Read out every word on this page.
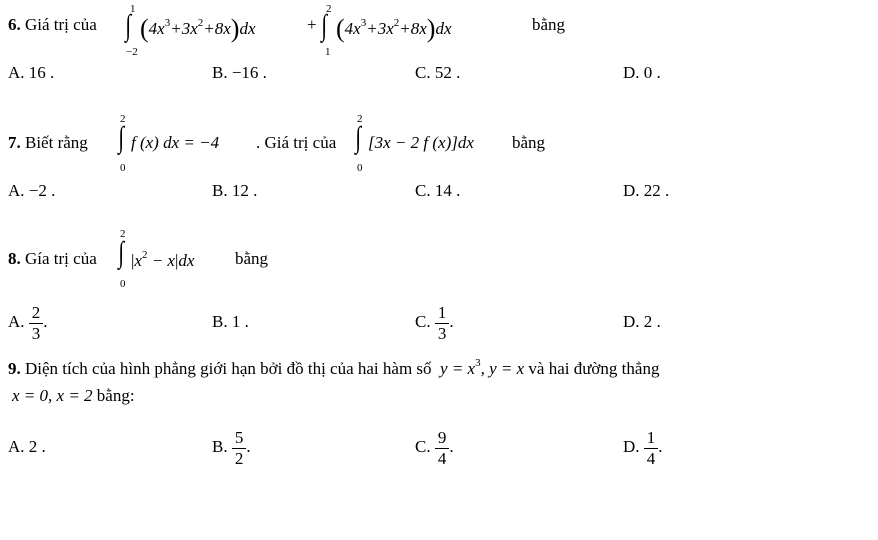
6. Giá trị của
1
∫
−2
$(4x^3+3x^2+8x)dx$	+
2
∫
1
$(4x^3+3x^2+8x)dx$	bằng
A. 16 .	B. −16 .	C. 52 .	D. 0 .
7. Biết rằng
2
∫
0
f (x) dx = −4 . Giá trị của
2
∫
0
[3x − 2 f (x)]dx bằng
A. −2 .	B. 12 .	C. 14 .	D. 22 .
8. Gía trị của
2
∫
0
$|x^2 - x|dx$ bằng
A. $\frac{2}{3}$ .	B. 1 .	C. $\frac{1}{3}$ .	D. 2 .
9. Diện tích của hình phẳng giới hạn bởi đồ thị của hai hàm số $y = x^3$, y = x và hai đường thẳng
x = 0, x = 2 bằng:
A. 2 .	B. $\frac{5}{2}$ .	C. $\frac{9}{4}$ .	D. $\frac{1}{4}$ .
